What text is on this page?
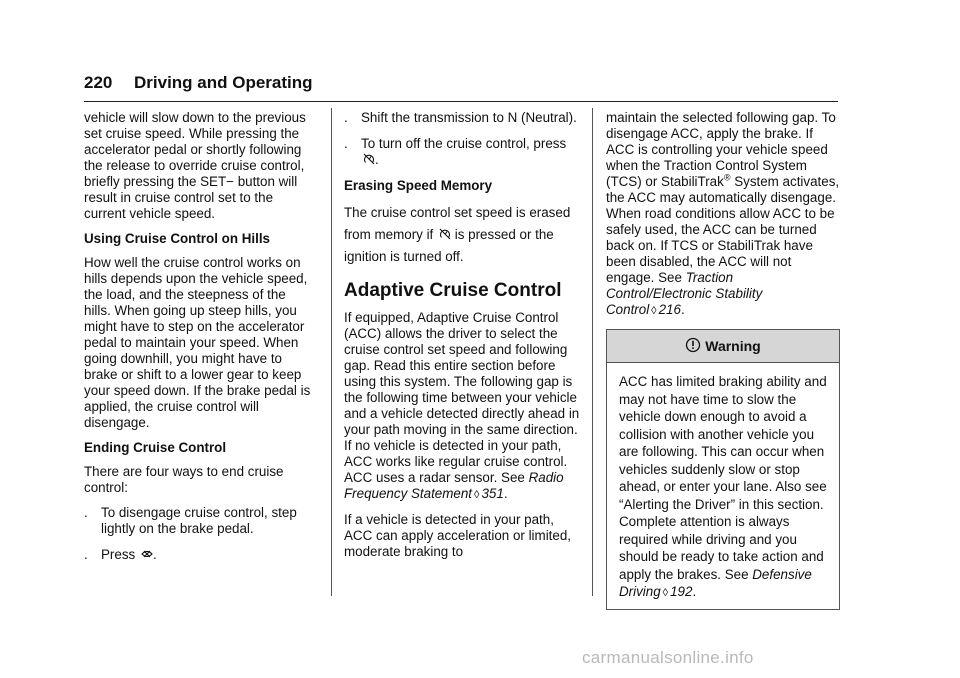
220 Driving and Operating

vehicle will slow down to the previous set cruise speed. While pressing the accelerator pedal or shortly following the release to override cruise control, briefly pressing the SET− button will result in cruise control set to the current vehicle speed.

Using Cruise Control on Hills

How well the cruise control works on hills depends upon the vehicle speed, the load, and the steepness of the hills. When going up steep hills, you might have to step on the accelerator pedal to maintain your speed. When going downhill, you might have to brake or shift to a lower gear to keep your speed down. If the brake pedal is applied, the cruise control will disengage.

Ending Cruise Control

There are four ways to end cruise control:

. To disengage cruise control, step lightly on the brake pedal.
. Press .
. Shift the transmission to N (Neutral).
. To turn off the cruise control, press
.

Erasing Speed Memory

The cruise control set speed is erased from memory if is pressed or the ignition is turned off.

Adaptive Cruise Control

If equipped, Adaptive Cruise Control (ACC) allows the driver to select the cruise control set speed and following gap. Read this entire section before using this system. The following gap is the following time between your vehicle and a vehicle detected directly ahead in your path moving in the same direction. If no vehicle is detected in your path, ACC works like regular cruise control. ACC uses a radar sensor. See Radio Frequency Statement ◊ 351.

If a vehicle is detected in your path, ACC can apply acceleration or limited, moderate braking to

maintain the selected following gap. To disengage ACC, apply the brake. If ACC is controlling your vehicle speed when the Traction Control System (TCS) or StabiliTrak® System activates, the ACC may automatically disengage. When road conditions allow ACC to be safely used, the ACC can be turned back on. If TCS or StabiliTrak have been disabled, the ACC will not engage. See Traction Control/Electronic Stability Control ◊ 216.

Warning
ACC has limited braking ability and may not have time to slow the vehicle down enough to avoid a collision with another vehicle you are following. This can occur when vehicles suddenly slow or stop ahead, or enter your lane. Also see “Alerting the Driver” in this section. Complete attention is always required while driving and you should be ready to take action and apply the brakes. See Defensive Driving ◊ 192.
carmanualsonline.info
